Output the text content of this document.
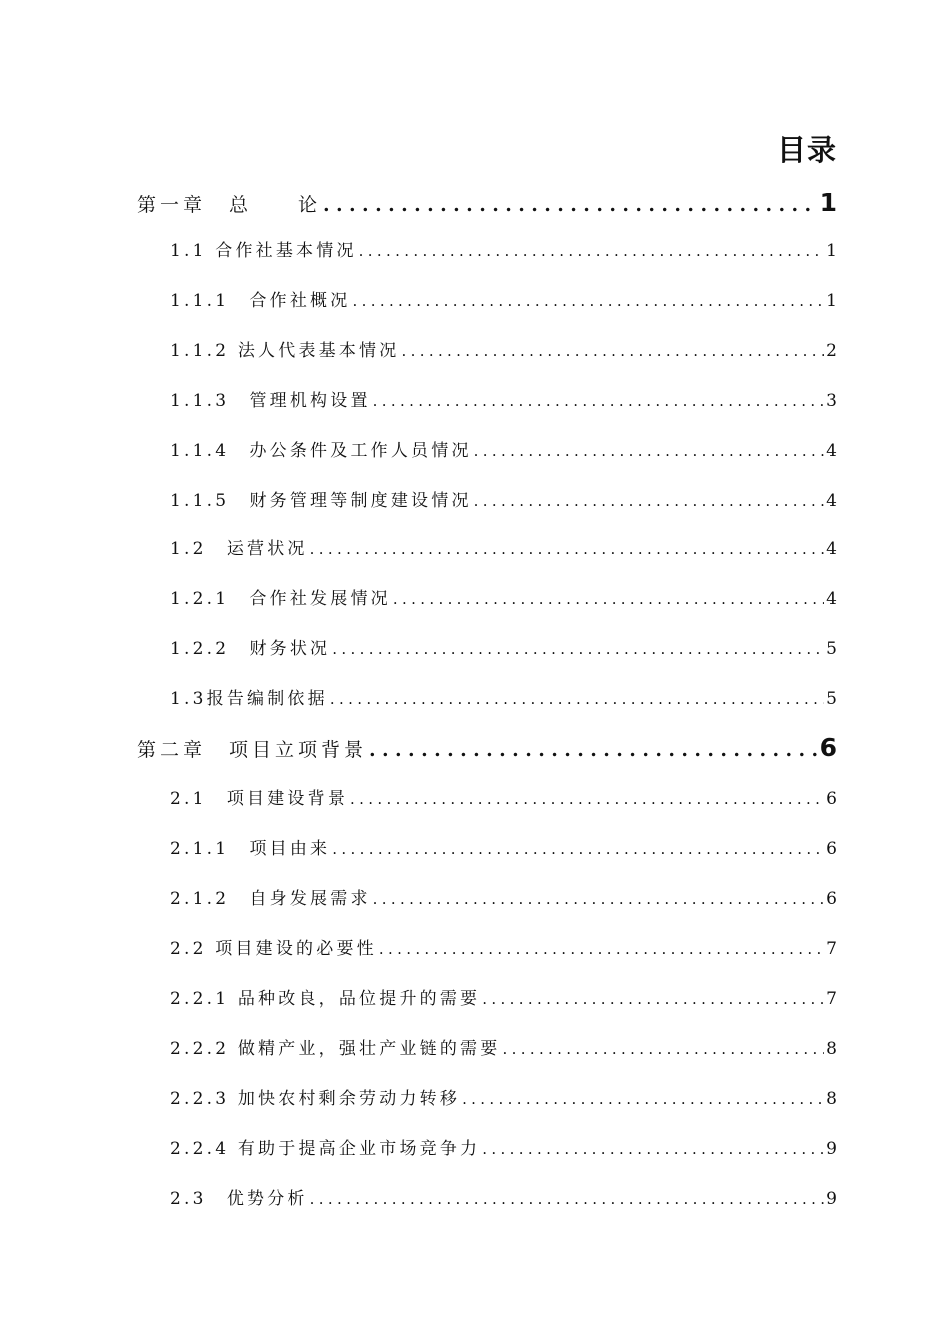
目录
第一章　总　　论 .....	1
1.1 合作社基本情况 .....	1
1.1.1　合作社概况 .....	1
1.1.2 法人代表基本情况 .....	2
1.1.3　管理机构设置 .....	3
1.1.4　办公条件及工作人员情况 .....	4
1.1.5　财务管理等制度建设情况 .....	4
1.2　运营状况 .....	4
1.2.1　合作社发展情况 .....	4
1.2.2　财务状况 .....	5
1.3报告编制依据 .....	5
第二章　项目立项背景 .....	6
2.1　项目建设背景 .....	6
2.1.1　项目由来 .....	6
2.1.2　自身发展需求 .....	6
2.2 项目建设的必要性 .....	7
2.2.1 品种改良，品位提升的需要 .....	7
2.2.2 做精产业，强壮产业链的需要 .....	8
2.2.3 加快农村剩余劳动力转移 .....	8
2.2.4 有助于提高企业市场竞争力 .....	9
2.3　优势分析 .....	9
